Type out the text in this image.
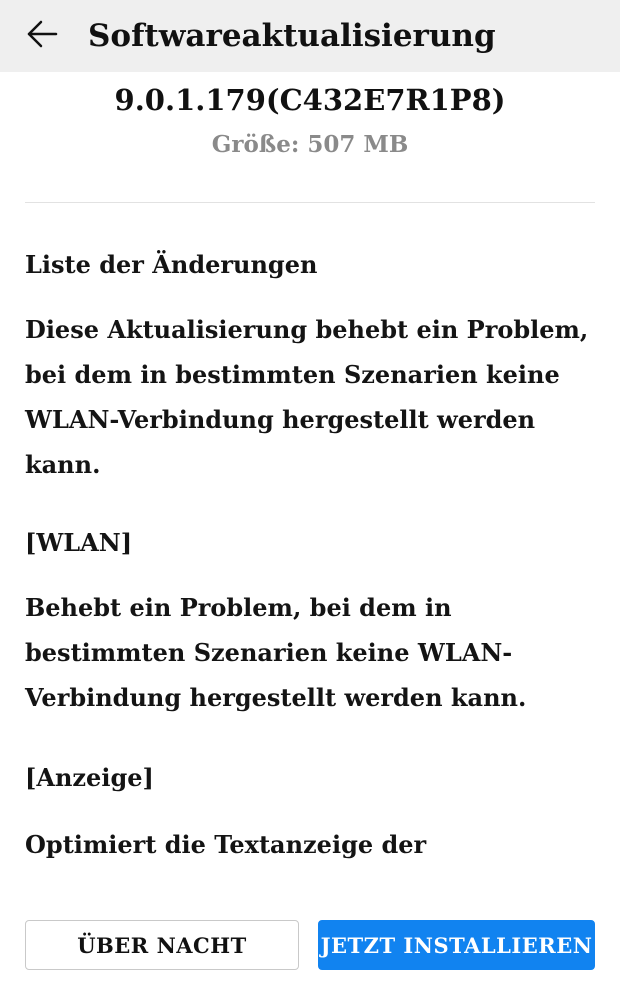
Softwareaktualisierung
9.0.1.179(C432E7R1P8)
Größe: 507 MB
Liste der Änderungen
Diese Aktualisierung behebt ein Problem, bei dem in bestimmten Szenarien keine WLAN-Verbindung hergestellt werden kann.
[WLAN]
Behebt ein Problem, bei dem in bestimmten Szenarien keine WLAN-Verbindung hergestellt werden kann.
[Anzeige]
Optimiert die Textanzeige der
ÜBER NACHT	JETZT INSTALLIEREN
